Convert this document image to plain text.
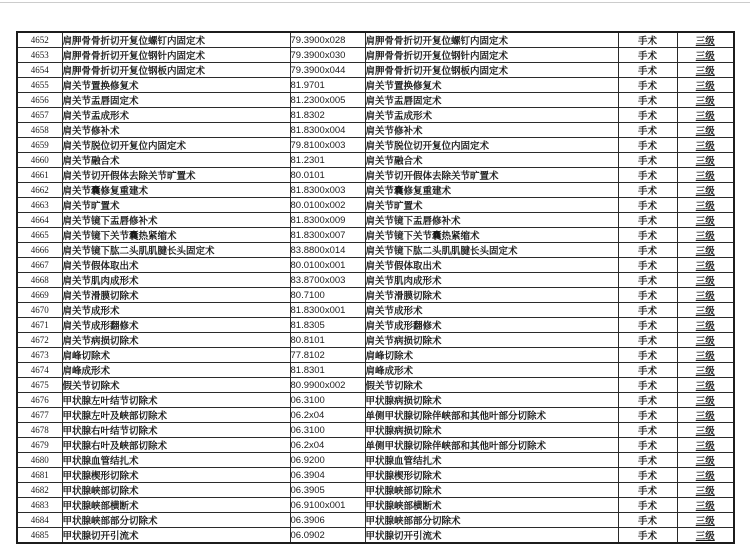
4652	肩胛骨骨折切开复位螺钉内固定术	79.3900x028	肩胛骨骨折切开复位螺钉内固定术	手术	三级
4653	肩胛骨骨折切开复位钢针内固定术	79.3900x030	肩胛骨骨折切开复位钢针内固定术	手术	三级
4654	肩胛骨骨折切开复位钢板内固定术	79.3900x044	肩胛骨骨折切开复位钢板内固定术	手术	三级
4655	肩关节置换修复术	81.9701	肩关节置换修复术	手术	三级
4656	肩关节盂唇固定术	81.2300x005	肩关节盂唇固定术	手术	三级
4657	肩关节盂成形术	81.8302	肩关节盂成形术	手术	三级
4658	肩关节修补术	81.8300x004	肩关节修补术	手术	三级
4659	肩关节脱位切开复位内固定术	79.8100x003	肩关节脱位切开复位内固定术	手术	三级
4660	肩关节融合术	81.2301	肩关节融合术	手术	三级
4661	肩关节切开假体去除关节旷置术	80.0101	肩关节切开假体去除关节旷置术	手术	三级
4662	肩关节囊修复重建术	81.8300x003	肩关节囊修复重建术	手术	三级
4663	肩关节旷置术	80.0100x002	肩关节旷置术	手术	三级
4664	肩关节镜下盂唇修补术	81.8300x009	肩关节镜下盂唇修补术	手术	三级
4665	肩关节镜下关节囊热紧缩术	81.8300x007	肩关节镜下关节囊热紧缩术	手术	三级
4666	肩关节镜下肱二头肌肌腱长头固定术	83.8800x014	肩关节镜下肱二头肌肌腱长头固定术	手术	三级
4667	肩关节假体取出术	80.0100x001	肩关节假体取出术	手术	三级
4668	肩关节肌肉成形术	83.8700x003	肩关节肌肉成形术	手术	三级
4669	肩关节滑膜切除术	80.7100	肩关节滑膜切除术	手术	三级
4670	肩关节成形术	81.8300x001	肩关节成形术	手术	三级
4671	肩关节成形翻修术	81.8305	肩关节成形翻修术	手术	三级
4672	肩关节病损切除术	80.8101	肩关节病损切除术	手术	三级
4673	肩峰切除术	77.8102	肩峰切除术	手术	三级
4674	肩峰成形术	81.8301	肩峰成形术	手术	三级
4675	假关节切除术	80.9900x002	假关节切除术	手术	三级
4676	甲状腺左叶结节切除术	06.3100	甲状腺病损切除术	手术	三级
4677	甲状腺左叶及峡部切除术	06.2x04	单侧甲状腺切除伴峡部和其他叶部分切除术	手术	三级
4678	甲状腺右叶结节切除术	06.3100	甲状腺病损切除术	手术	三级
4679	甲状腺右叶及峡部切除术	06.2x04	单侧甲状腺切除伴峡部和其他叶部分切除术	手术	三级
4680	甲状腺血管结扎术	06.9200	甲状腺血管结扎术	手术	三级
4681	甲状腺楔形切除术	06.3904	甲状腺楔形切除术	手术	三级
4682	甲状腺峡部切除术	06.3905	甲状腺峡部切除术	手术	三级
4683	甲状腺峡部横断术	06.9100x001	甲状腺峡部横断术	手术	三级
4684	甲状腺峡部部分切除术	06.3906	甲状腺峡部部分切除术	手术	三级
4685	甲状腺切开引流术	06.0902	甲状腺切开引流术	手术	三级
